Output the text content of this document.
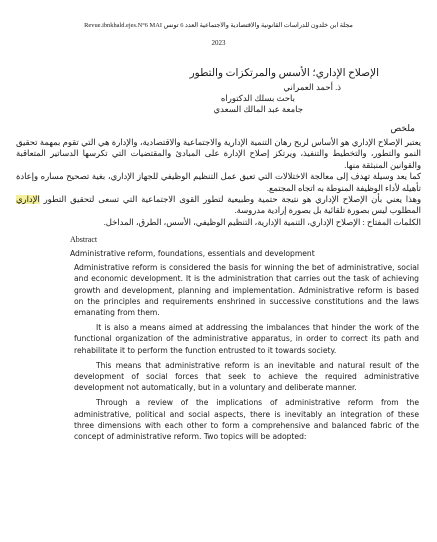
Revue.ibnkhald.ejes.N°6 MAI مجلة ابن خلدون للدراسات القانونية والاقتصادية والاجتماعية العدد 6 تونس
2023
الإصلاح الإداري؛ الأسس والمرتكزات والتطور
ذ. أحمد العمراني
باحث بسلك الدكتوراه
جامعة عبد المالك السعدي
ملخص

يعتبر الإصلاح الإداري هو الأساس لربح رهان التنمية الإدارية والاجتماعية والاقتصادية، والإدارة هي التي تقوم بمهمة تحقيق النمو والتطور، والتخطيط والتنفيذ، ويرتكز إصلاح الإدارة على المبادئ والمقتضيات التي تكرسها الدساتير المتعاقبة والقوانين المنبثقة منها.

كما يعد وسيلة تهدف إلى معالجة الاختلالات التي تعيق عمل التنظيم الوظيفي للجهاز الإداري، بغية تصحيح مساره وإعادة تأهيله لأداء الوظيفة المنوطة به اتجاه المجتمع.

وهذا يعني بأن الإصلاح الإداري هو نتيجة حتمية وطبيعية لتطور القوى الاجتماعية التي تسعى لتحقيق التطور الإداري المطلوب ليس بصورة تلقائية بل بصورة إرادية مدروسة.

الكلمات المفتاح : الإصلاح الإداري، التنمية الإدارية، التنظيم الوظيفي، الأسس، الطرق، المداخل.

Abstract
Administrative reform, foundations, essentials and development

Administrative reform is considered the basis for winning the bet of administrative, social and economic development. It is the administration that carries out the task of achieving growth and development, planning and implementation. Administrative reform is based on the principles and requirements enshrined in successive constitutions and the laws emanating from them.

It is also a means aimed at addressing the imbalances that hinder the work of the functional organization of the administrative apparatus, in order to correct its path and rehabilitate it to perform the function entrusted to it towards society.

This means that administrative reform is an inevitable and natural result of the development of social forces that seek to achieve the required administrative development not automatically, but in a voluntary and deliberate manner.

Through a review of the implications of administrative reform from the administrative, political and social aspects, there is inevitably an integration of these three dimensions with each other to form a comprehensive and balanced fabric of the concept of administrative reform. Two topics will be adopted:
